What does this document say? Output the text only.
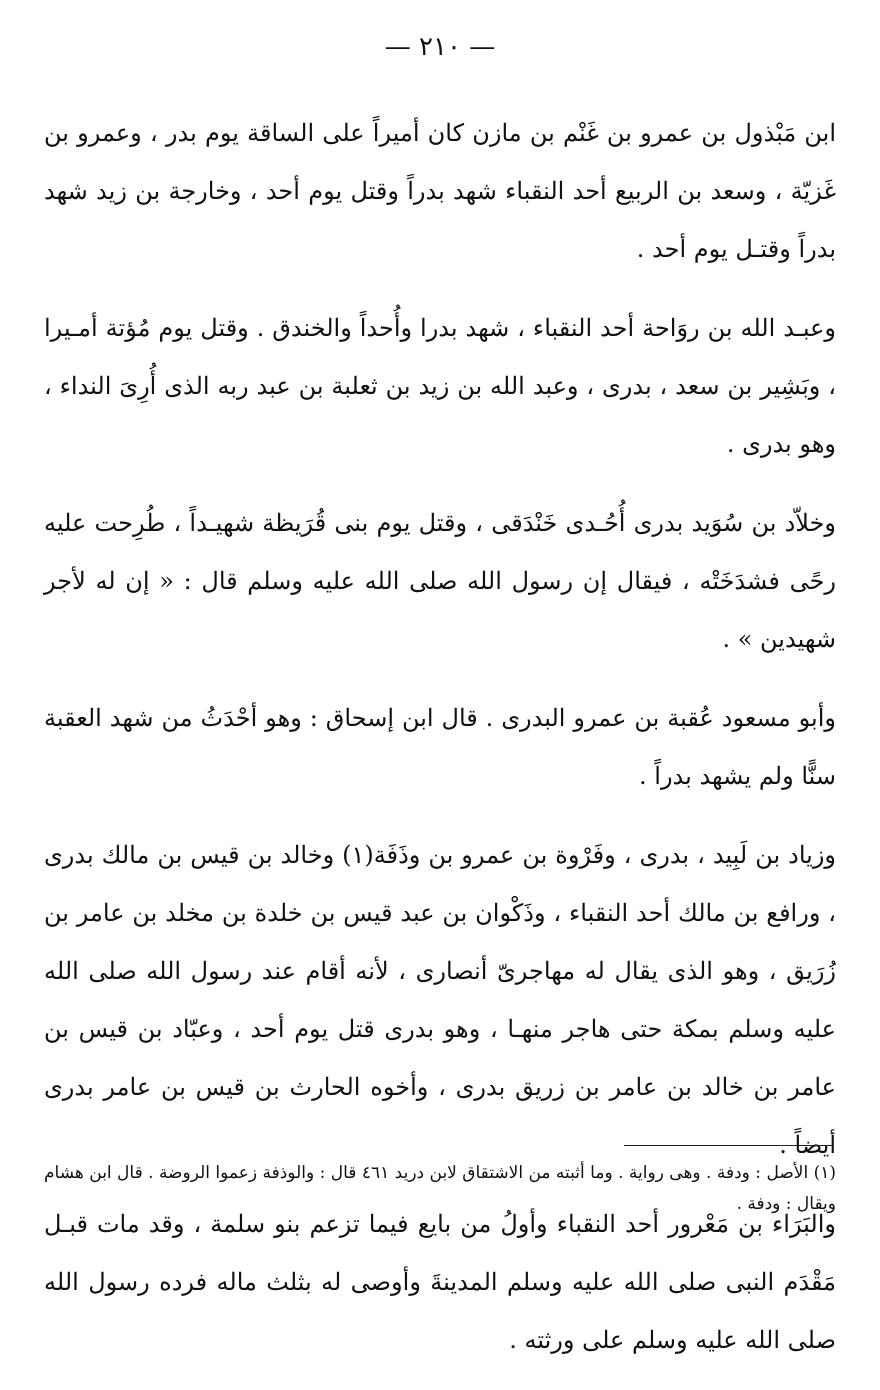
— ٢١٠ —

ابن مَبْذول بن عمرو بن غَنْم بن مازن كان أميراً على الساقة يوم بدر ، وعمرو بن غَزيّة ، وسعد بن الربيع أحد النقباء شهد بدراً وقتل يوم أحد ، وخارجة بن زيد شهد بدراً وقتـل يوم أحد .

وعبـد الله بن روَاحة أحد النقباء ، شهد بدرا وأُحداً والخندق . وقتل يوم مُؤتة أمـيرا ، وبَشِير بن سعد ، بدرى ، وعبد الله بن زيد بن ثعلبة بن عبد ربه الذى أُرِىَ النداء ، وهو بدرى .

وخلاّد بن سُوَيد بدرى أُحُـدى خَنْدَقى ، وقتل يوم بنى قُرَيظة شهيـداً ، طُرِحت عليه رحًى فشدَخَتْه ، فيقال إن رسول الله صلى الله عليه وسلم قال : « إن له لأجر شهيدين » .

وأبو مسعود عُقبة بن عمرو البدرى . قال ابن إسحاق : وهو أحْدَثُ من شهد العقبة سنًّا ولم يشهد بدراً .

وزياد بن لَبِيد ، بدرى ، وفَرْوة بن عمرو بن وذَفَة(١) وخالد بن قيس بن مالك بدرى ، ورافع بن مالك أحد النقباء ، وذَكْوان بن عبد قيس بن خلدة بن مخلد بن عامر بن زُرَيق ، وهو الذى يقال له مهاجرىّ أنصارى ، لأنه أقام عند رسول الله صلى الله عليه وسلم بمكة حتى هاجر منهـا ، وهو بدرى قتل يوم أحد ، وعبّاد بن قيس بن عامر بن خالد بن عامر بن زريق بدرى ، وأخوه الحارث بن قيس بن عامر بدرى أيضاً .

والبَرَاء بن مَعْرور أحد النقباء وأولُ من بايع فيما تزعم بنو سلمة ، وقد مات قبـل مَقْدَم النبى صلى الله عليه وسلم المدينةَ وأوصى له بثلث ماله فرده رسول الله صلى الله عليه وسلم على ورثته .

(١) الأصل : ودفة . وهى رواية . وما أثبته من الاشتقاق لابن دريد ٤٦١ قال : والوذفة زعموا الروضة . قال ابن هشام ويقال : ودفة .
